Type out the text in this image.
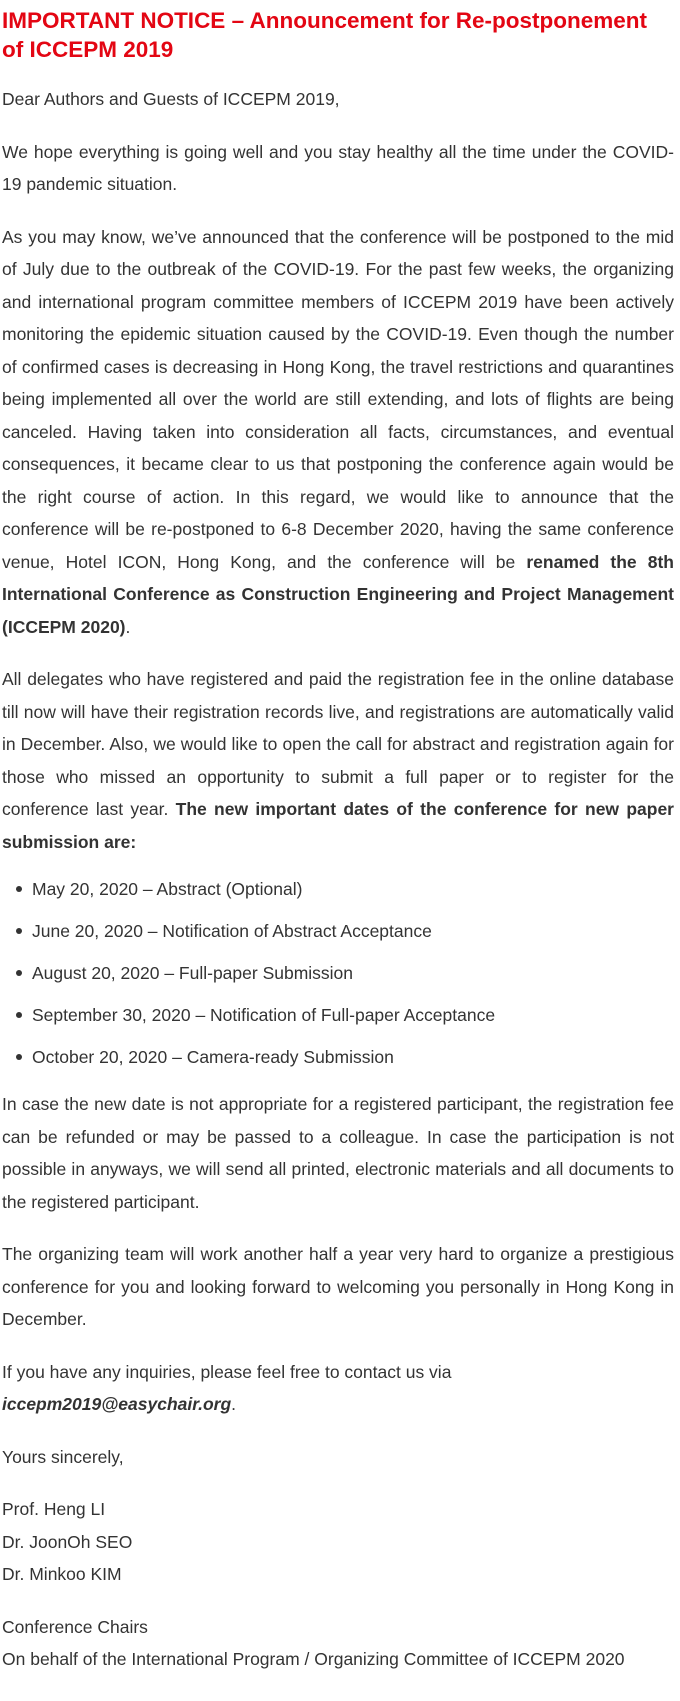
IMPORTANT NOTICE – Announcement for Re-postponement of ICCEPM 2019

Dear Authors and Guests of ICCEPM 2019,

We hope everything is going well and you stay healthy all the time under the COVID-19 pandemic situation.

As you may know, we’ve announced that the conference will be postponed to the mid of July due to the outbreak of the COVID-19. For the past few weeks, the organizing and international program committee members of ICCEPM 2019 have been actively monitoring the epidemic situation caused by the COVID-19. Even though the number of confirmed cases is decreasing in Hong Kong, the travel restrictions and quarantines being implemented all over the world are still extending, and lots of flights are being canceled. Having taken into consideration all facts, circumstances, and eventual consequences, it became clear to us that postponing the conference again would be the right course of action. In this regard, we would like to announce that the conference will be re-postponed to 6-8 December 2020, having the same conference venue, Hotel ICON, Hong Kong, and the conference will be renamed the 8th International Conference as Construction Engineering and Project Management (ICCEPM 2020).

All delegates who have registered and paid the registration fee in the online database till now will have their registration records live, and registrations are automatically valid in December. Also, we would like to open the call for abstract and registration again for those who missed an opportunity to submit a full paper or to register for the conference last year. The new important dates of the conference for new paper submission are:

May 20, 2020 – Abstract (Optional)
June 20, 2020 – Notification of Abstract Acceptance
August 20, 2020 – Full-paper Submission
September 30, 2020 – Notification of Full-paper Acceptance
October 20, 2020 – Camera-ready Submission

In case the new date is not appropriate for a registered participant, the registration fee can be refunded or may be passed to a colleague. In case the participation is not possible in anyways, we will send all printed, electronic materials and all documents to the registered participant.

The organizing team will work another half a year very hard to organize a prestigious conference for you and looking forward to welcoming you personally in Hong Kong in December.

If you have any inquiries, please feel free to contact us via
iccepm2019@easychair.org.

Yours sincerely,

Prof. Heng LI
Dr. JoonOh SEO
Dr. Minkoo KIM

Conference Chairs
On behalf of the International Program / Organizing Committee of ICCEPM 2020
